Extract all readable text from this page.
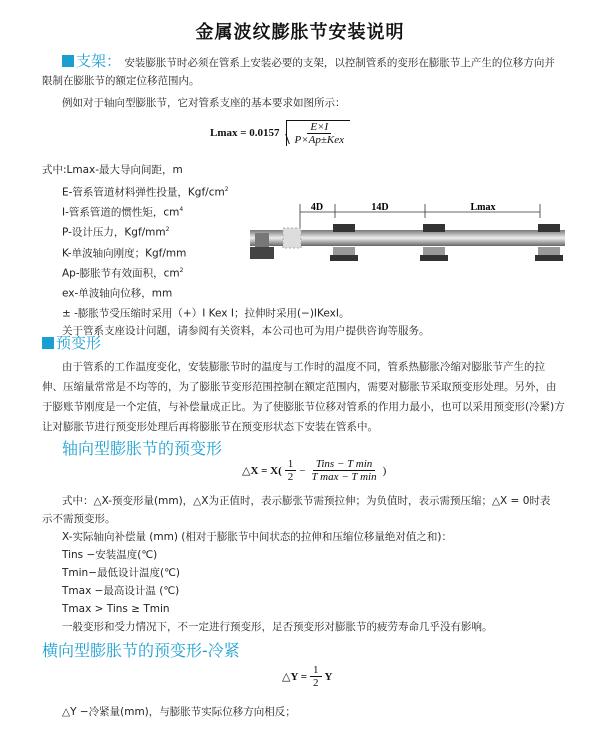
金属波纹膨胀节安装说明
支架： 安装膨胀节时必须在管系上安装必要的支架，以控制管系的变形在膨胀节上产生的位移方向并
限制在膨胀节的额定位移范围内。
例如对于轴向型膨胀节，它对管系支座的基本要求如图所示：
$Lmax = 0.0157 \frac{E\times I}{\text{P×Ap±Kex}}$
式中:Lmax-最大导向间距，m
E-管系管道材料弹性投量，Kgf/$cm^2$
I-管系管道的惯性矩，$cm^4$
P-设计压力，Kgf/$mm^2$
K-单波轴向刚度；Kgf/mm
Ap-膨胀节有效面积，$cm^2$
ex-单波轴向位移，mm
± -膨胀节受压缩时采用（+）I Kex I；拉伸时采用(−)IKexI。
关于管系支座设计问题，请参阅有关资料，本公司也可为用户提供咨询等服务。
4D	14D	Lmax
预变形
由于管系的工作温度变化，安装膨胀节时的温度与工作时的温度不同，管系热膨胀冷缩对膨胀节产生的拉
伸、压缩量常常是不均等的，为了膨胀节变形范围控制在额定范围内，需要对膨胀节采取预变形处理。另外，由
于膨账节刚度是一个定值，与补偿量成正比。为了使膨胀节位移对管系的作用力最小，也可以采用预变形(冷紧)方
让对膨胀节进行预变形处理后再将膨胀节在预变形状态下安装在管系中。
轴向型膨胀节的预变形
△X = $X( \frac{1}{2} - \frac{\text{Tins − T min}}{\text{T max − T min}}$ )
式中：△X-预变形量(mm)，△X为正值时，表示膨张节需预拉伸；为负值时，表示需预压缩；△X = 0时表
示不需预变形。
X-实际轴向补偿量 (mm) (相对于膨胀节中间状态的拉伸和压缩位移量绝对值之和)：
Tins −安装温度(℃)
Tmin−最低设计温度(℃)
Tmax −最高设计温 (℃)
Tmax > Tins ≥ Tmin
一般变形和受力情况下，不一定进行预变形，足否预变形对膨胀节的疲劳寿命几乎没有影响。
横向型膨胀节的预变形-冷紧
△Y = $\frac{1}{2}$ Y
△Y −冷紧量(mm)，与膨胀节实际位移方向相反；
